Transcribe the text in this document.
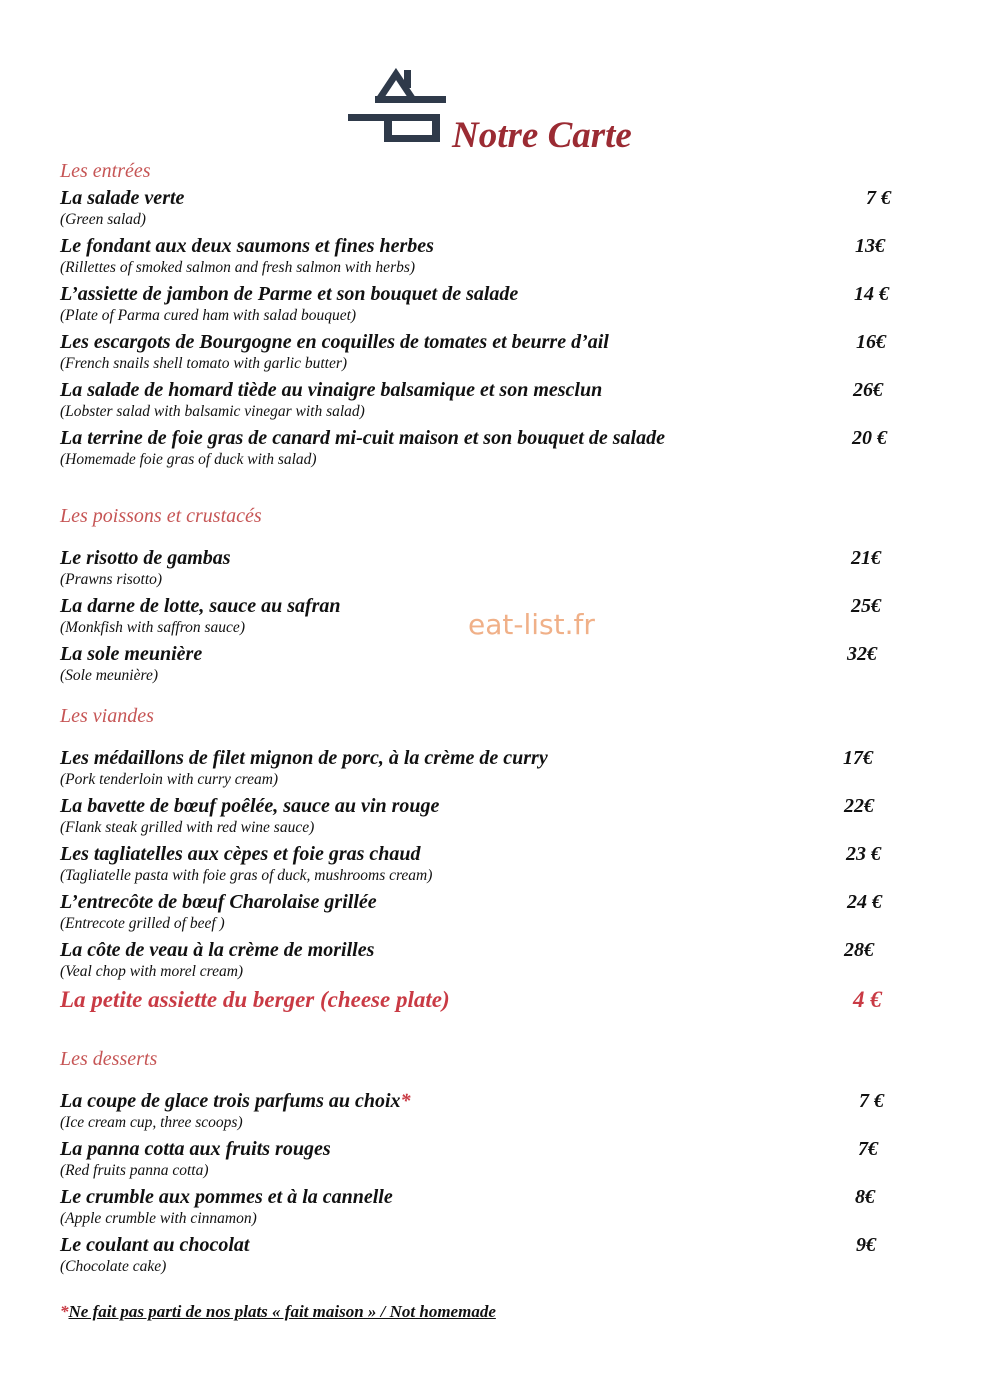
Notre Carte
eat-list.fr
Les entrées
La salade verte	7 €
(Green salad)
Le fondant aux deux saumons et fines herbes	13€
(Rillettes of smoked salmon and fresh salmon with herbs)
L’assiette de jambon de Parme et son bouquet de salade	14 €
(Plate of Parma cured ham with salad bouquet)
Les escargots de Bourgogne en coquilles de tomates et beurre d’ail	16€
(French snails shell tomato with garlic butter)
La salade de homard tiède au vinaigre balsamique et son mesclun	26€
(Lobster salad with balsamic vinegar with salad)
La terrine de foie gras de canard mi-cuit maison et son bouquet de salade	20 €
(Homemade foie gras of duck with salad)
Les poissons et crustacés
Le risotto de gambas	21€
(Prawns risotto)
La darne de lotte, sauce au safran	25€
(Monkfish with saffron sauce)
La sole meunière	32€
(Sole meunière)
Les viandes
Les médaillons de filet mignon de porc, à la crème de curry	17€
(Pork tenderloin with curry cream)
La bavette de bœuf poêlée, sauce au vin rouge	22€
(Flank steak grilled with red wine sauce)
Les tagliatelles aux cèpes et foie gras chaud	23 €
(Tagliatelle pasta with foie gras of duck, mushrooms cream)
L’entrecôte de bœuf Charolaise grillée	24 €
(Entrecote grilled of beef )
La côte de veau à la crème de morilles	28€
(Veal chop with morel cream)
La petite assiette du berger (cheese plate)	4 €
Les desserts
La coupe de glace trois parfums au choix*	7 €
(Ice cream cup, three scoops)
La panna cotta aux fruits rouges	7€
(Red fruits panna cotta)
Le crumble aux pommes et à la cannelle	8€
(Apple crumble with cinnamon)
Le coulant au chocolat	9€
(Chocolate cake)
*Ne fait pas parti de nos plats « fait maison » / Not homemade
